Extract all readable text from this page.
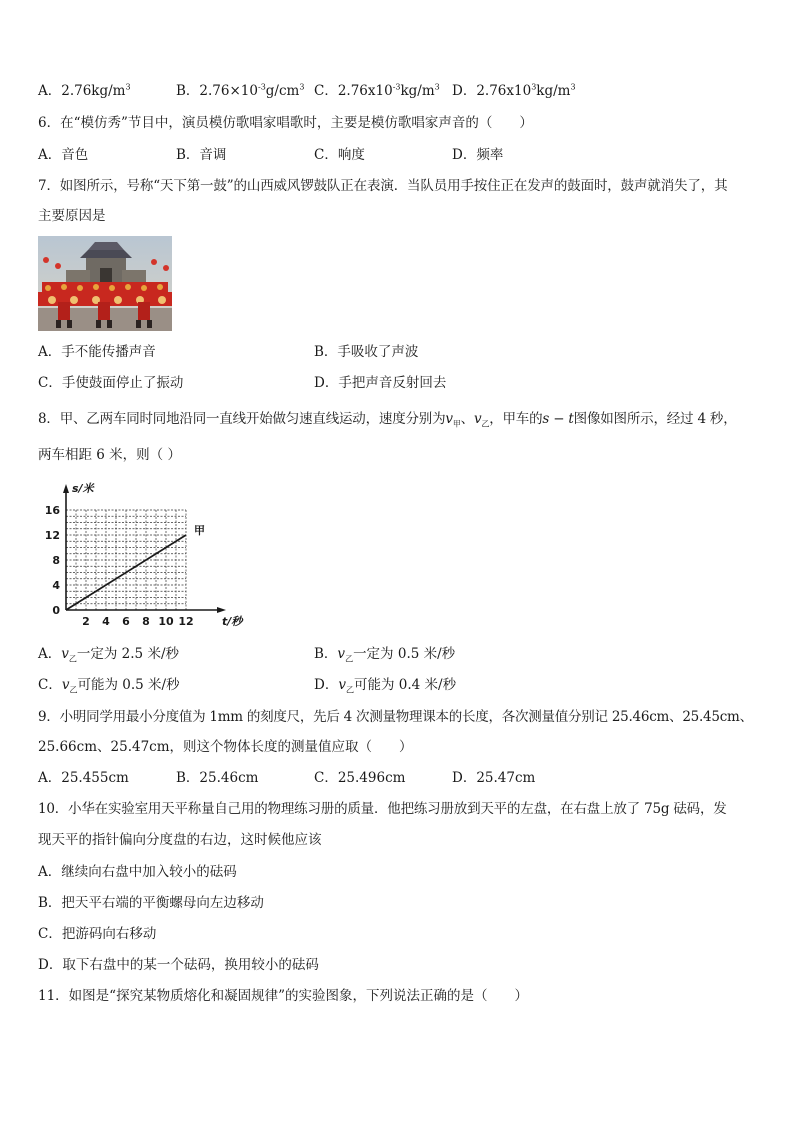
A．$2.76kg/m^3$	B．$2.76\times 10^{-3}g/cm^3$ C．$2.76x10^{-3}kg/m^3$ D．$2.76x10^3kg/m^3$
6．在“模仿秀”节目中，演员模仿歌唱家唱歌时，主要是模仿歌唱家声音的（　　）
A．音色	B．音调	C．响度	D．频率
7．如图所示，号称“天下第一鼓”的山西威风锣鼓队正在表演．当队员用手按住正在发声的鼓面时，鼓声就消失了，其
主要原因是
A．手不能传播声音	B．手吸收了声波
C．手使鼓面停止了振动	D．手把声音反射回去
8．甲、乙两车同时同地沿同一直线开始做匀速直线运动，速度分别为$v_甲$、$v_乙$，甲车的s − t图像如图所示，经过 4 秒，
两车相距 6 米，则（ ）
甲
2 4 6 8 10 12
0
4
8
12
16
t/秒
s/米
A．$v_乙$一定为 2.5 米/秒	B．$v_乙$一定为 0.5 米/秒
C．$v_乙$可能为 0.5 米/秒	D．$v_乙$可能为 0.4 米/秒
9．小明同学用最小分度值为 1mm 的刻度尺，先后 4 次测量物理课本的长度，各次测量值分别记 25.46cm、25.45cm、
25.66cm、25.47cm，则这个物体长度的测量值应取（　　）
A．25.455cm	B．25.46cm	C．25.496cm	D．25.47cm
10．小华在实验室用天平称量自己用的物理练习册的质量．他把练习册放到天平的左盘，在右盘上放了 75g 砝码，发
现天平的指针偏向分度盘的右边，这时候他应该
A．继续向右盘中加入较小的砝码
B．把天平右端的平衡螺母向左边移动
C．把游码向右移动
D．取下右盘中的某一个砝码，换用较小的砝码
11．如图是“探究某物质熔化和凝固规律”的实验图象，下列说法正确的是（　　）
